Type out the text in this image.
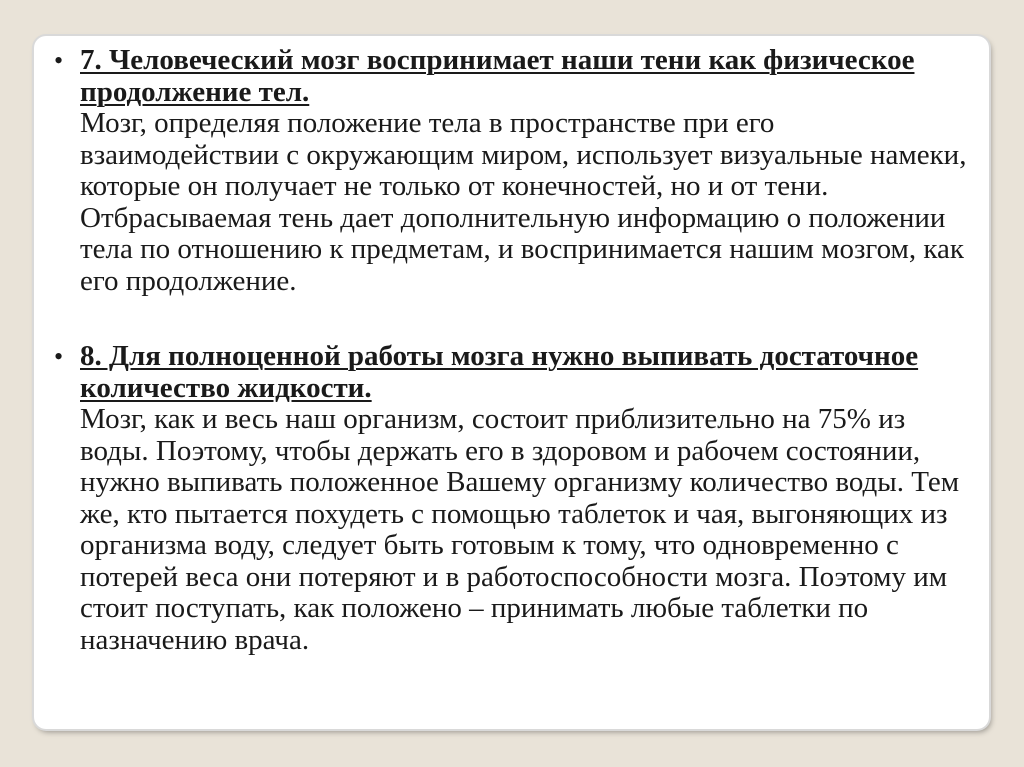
• 7. Человеческий мозг воспринимает наши тени как физическое продолжение тел.
Мозг, определяя положение тела в пространстве при его взаимодействии с окружающим миром, использует визуальные намеки, которые он получает не только от конечностей, но и от тени. Отбрасываемая тень дает дополнительную информацию о положении тела по отношению к предметам, и воспринимается нашим мозгом, как его продолжение.
• 8. Для полноценной работы мозга нужно выпивать достаточное количество жидкости.
Мозг, как и весь наш организм, состоит приблизительно на 75% из воды. Поэтому, чтобы держать его в здоровом и рабочем состоянии, нужно выпивать положенное Вашему организму количество воды. Тем же, кто пытается похудеть с помощью таблеток и чая, выгоняющих из организма воду, следует быть готовым к тому, что одновременно с потерей веса они потеряют и в работоспособности мозга. Поэтому им стоит поступать, как положено – принимать любые таблетки по назначению врача.
